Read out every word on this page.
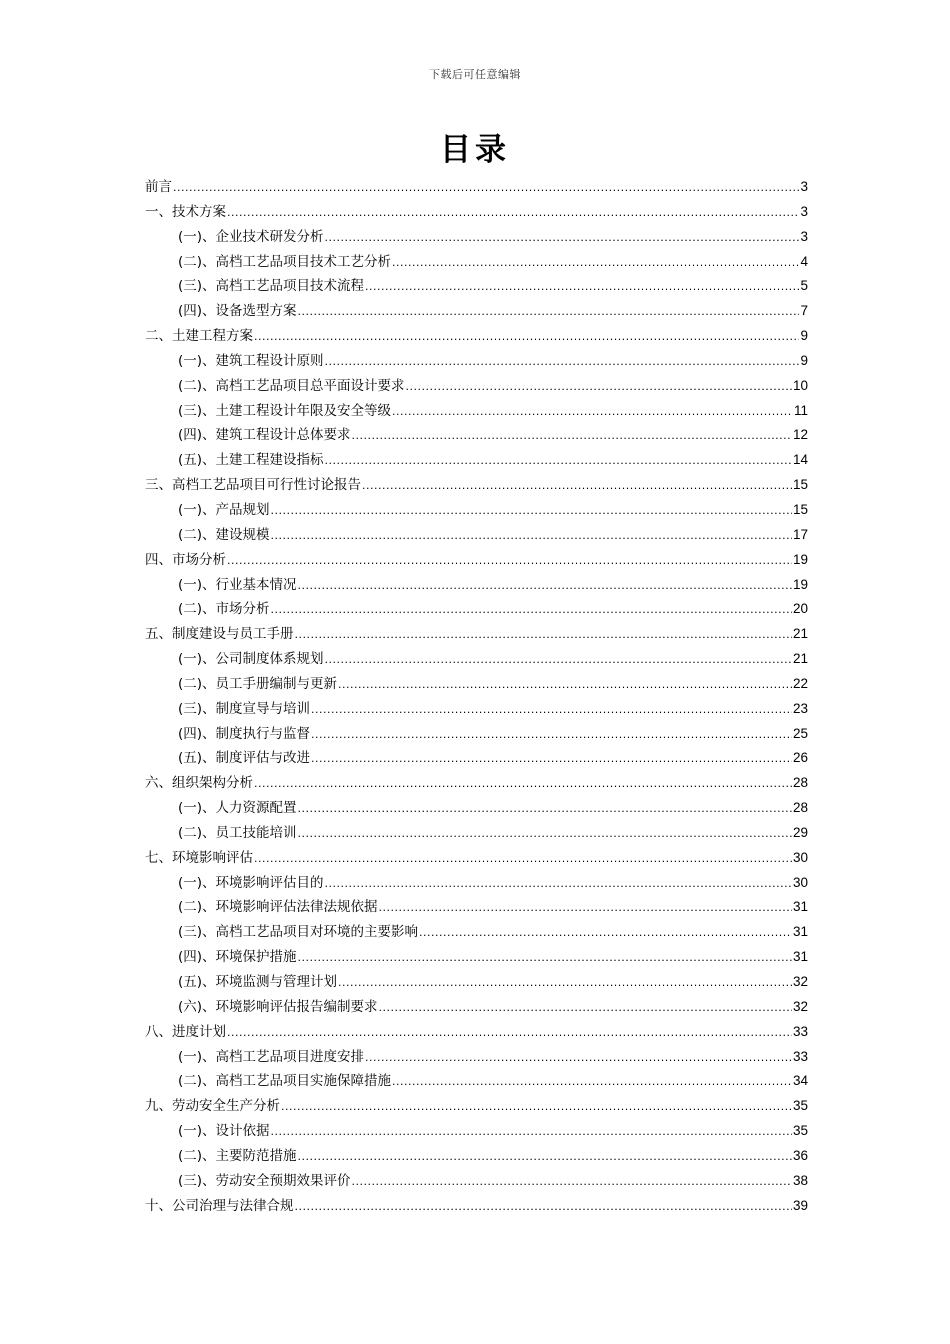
下载后可任意编辑
目录
前言 .....	3
一、技术方案 .....	3
(一)、企业技术研发分析 .....	3
(二)、高档工艺品项目技术工艺分析 .....	4
(三)、高档工艺品项目技术流程 .....	5
(四)、设备选型方案 .....	7
二、土建工程方案 .....	9
(一)、建筑工程设计原则 .....	9
(二)、高档工艺品项目总平面设计要求 .....	10
(三)、土建工程设计年限及安全等级 .....	11
(四)、建筑工程设计总体要求 .....	12
(五)、土建工程建设指标 .....	14
三、高档工艺品项目可行性讨论报告 .....	15
(一)、产品规划 .....	15
(二)、建设规模 .....	17
四、市场分析 .....	19
(一)、行业基本情况 .....	19
(二)、市场分析 .....	20
五、制度建设与员工手册 .....	21
(一)、公司制度体系规划 .....	21
(二)、员工手册编制与更新 .....	22
(三)、制度宣导与培训 .....	23
(四)、制度执行与监督 .....	25
(五)、制度评估与改进 .....	26
六、组织架构分析 .....	28
(一)、人力资源配置 .....	28
(二)、员工技能培训 .....	29
七、环境影响评估 .....	30
(一)、环境影响评估目的 .....	30
(二)、环境影响评估法律法规依据 .....	31
(三)、高档工艺品项目对环境的主要影响 .....	31
(四)、环境保护措施 .....	31
(五)、环境监测与管理计划 .....	32
(六)、环境影响评估报告编制要求 .....	32
八、进度计划 .....	33
(一)、高档工艺品项目进度安排 .....	33
(二)、高档工艺品项目实施保障措施 .....	34
九、劳动安全生产分析 .....	35
(一)、设计依据 .....	35
(二)、主要防范措施 .....	36
(三)、劳动安全预期效果评价 .....	38
十、公司治理与法律合规 .....	39
